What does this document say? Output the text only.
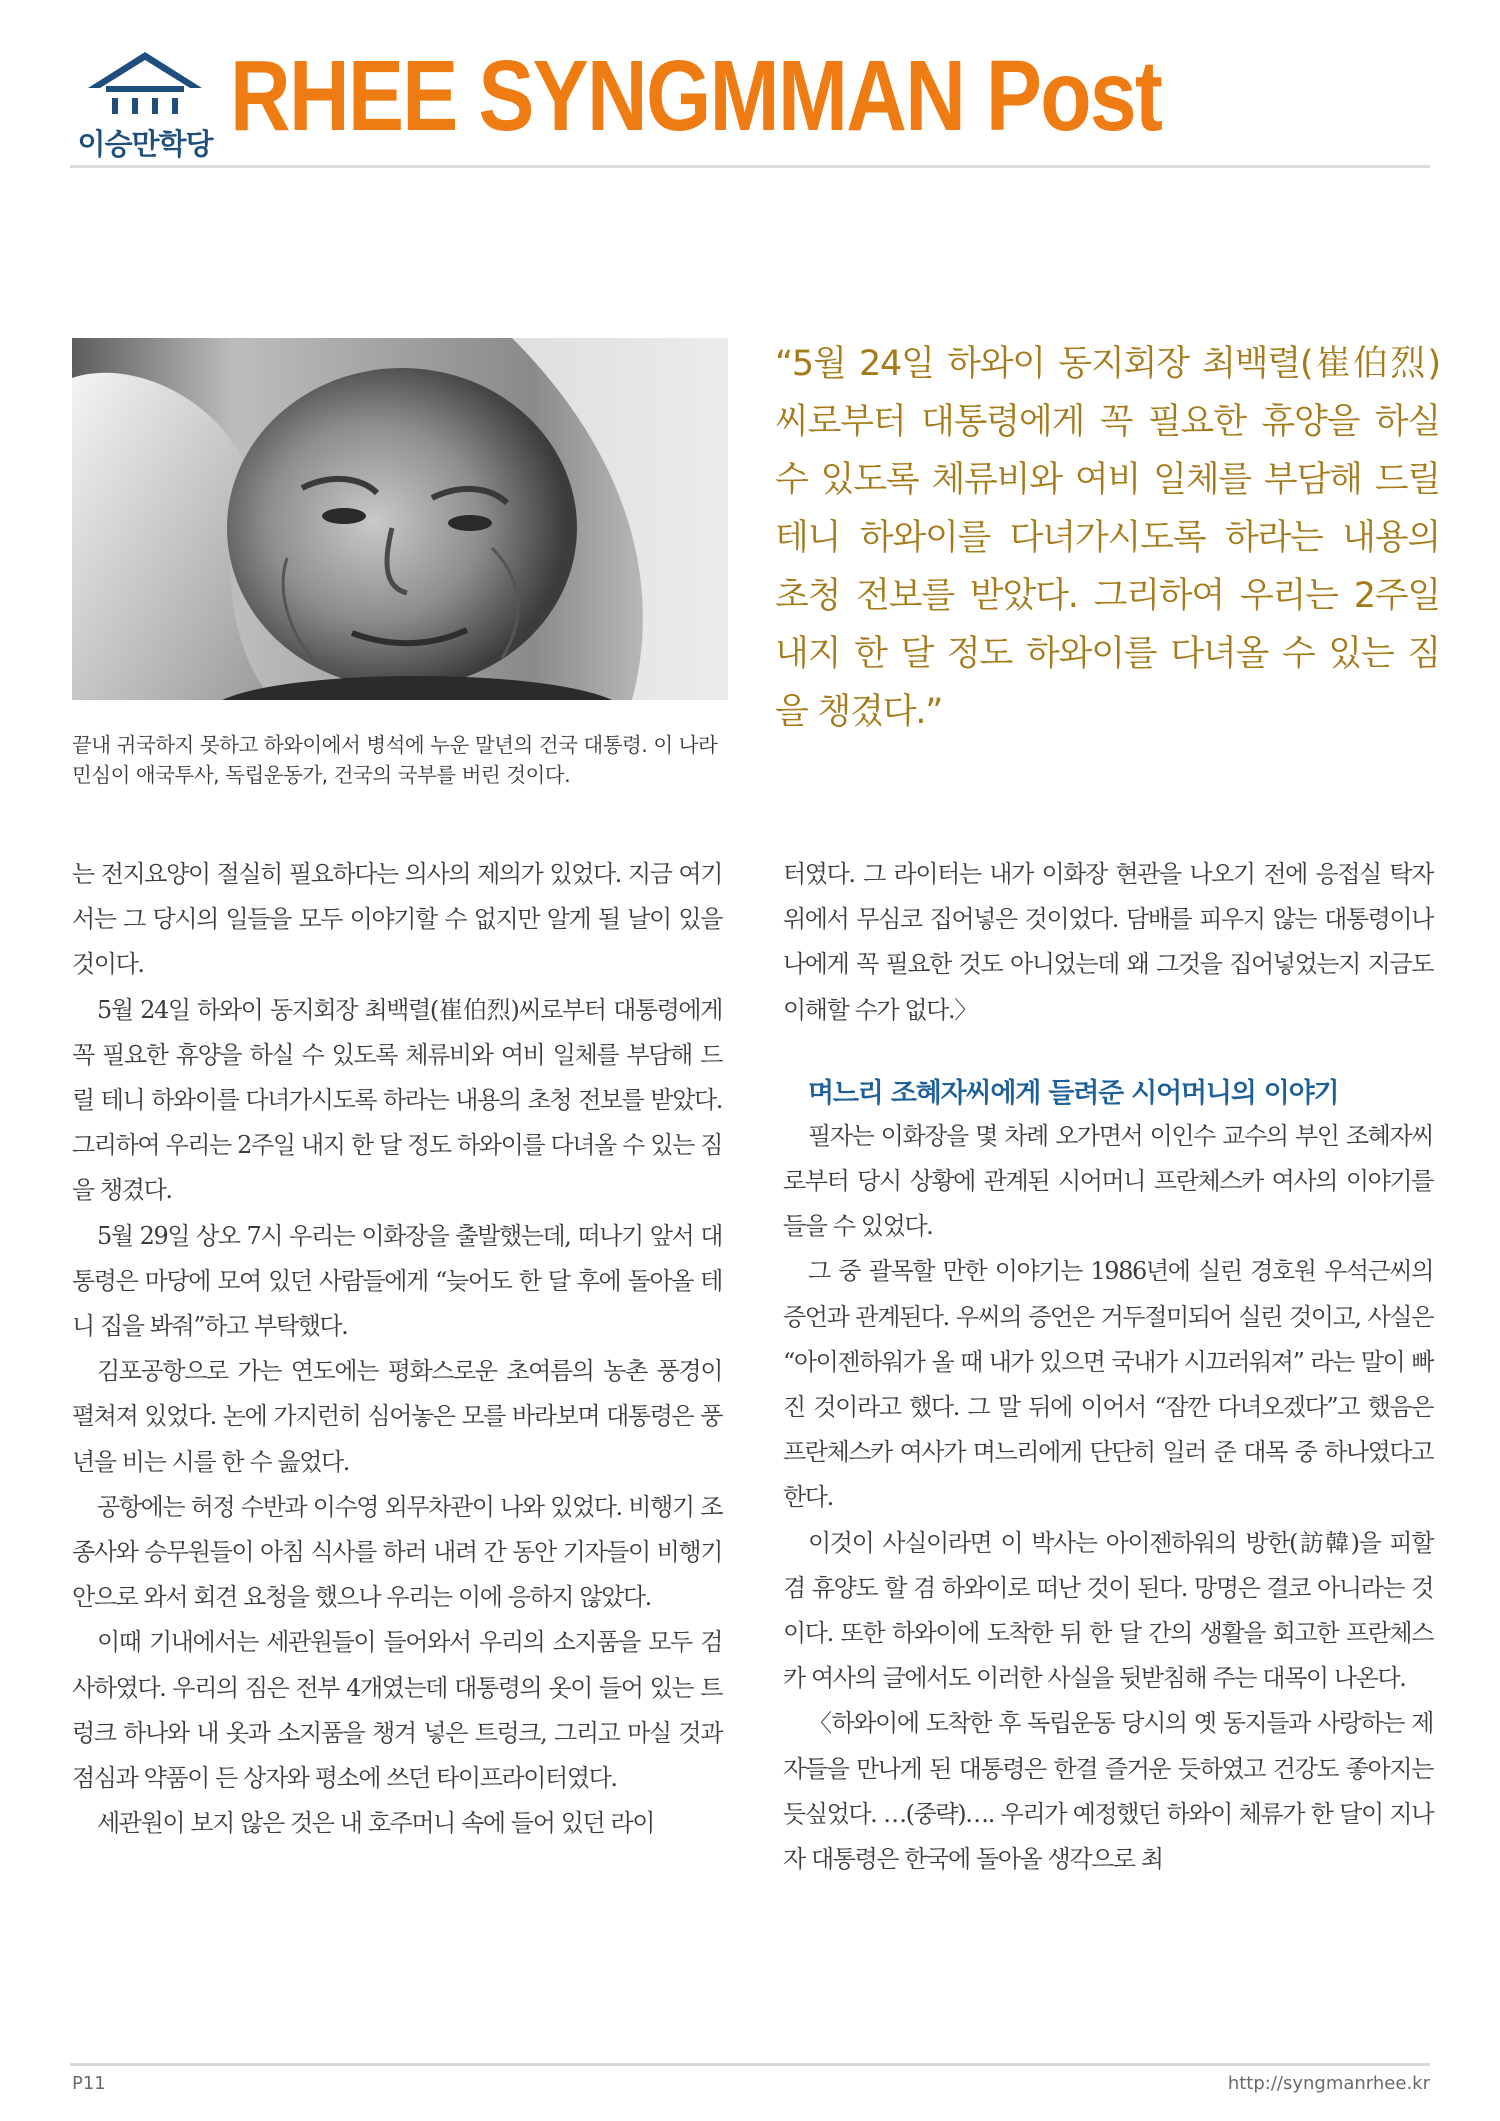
이승만학당 RHEE SYNGMMAN Post
끝내 귀국하지 못하고 하와이에서 병석에 누운 말년의 건국 대통령. 이 나라 민심이 애국투사, 독립운동가, 건국의 국부를 버린 것이다.
“5월 24일 하와이 동지회장 최백렬(崔伯烈)씨로부터 대통령에게 꼭 필요한 휴양을 하실 수 있도록 체류비와 여비 일체를 부담해 드릴 테니 하와이를 다녀가시도록 하라는 내용의 초청 전보를 받았다. 그리하여 우리는 2주일 내지 한 달 정도 하와이를 다녀올 수 있는 짐을 챙겼다.”

는 전지요양이 절실히 필요하다는 의사의 제의가 있었다. 지금 여기서는 그 당시의 일들을 모두 이야기할 수 없지만 알게 될 날이 있을 것이다.

5월 24일 하와이 동지회장 최백렬(崔伯烈)씨로부터 대통령에게 꼭 필요한 휴양을 하실 수 있도록 체류비와 여비 일체를 부담해 드릴 테니 하와이를 다녀가시도록 하라는 내용의 초청 전보를 받았다. 그리하여 우리는 2주일 내지 한 달 정도 하와이를 다녀올 수 있는 짐을 챙겼다.

5월 29일 상오 7시 우리는 이화장을 출발했는데, 떠나기 앞서 대통령은 마당에 모여 있던 사람들에게 “늦어도 한 달 후에 돌아올 테니 집을 봐줘”하고 부탁했다.

김포공항으로 가는 연도에는 평화스로운 초여름의 농촌 풍경이 펼쳐져 있었다. 논에 가지런히 심어놓은 모를 바라보며 대통령은 풍년을 비는 시를 한 수 읊었다.

공항에는 허정 수반과 이수영 외무차관이 나와 있었다. 비행기 조종사와 승무원들이 아침 식사를 하러 내려 간 동안 기자들이 비행기 안으로 와서 회견 요청을 했으나 우리는 이에 응하지 않았다.

이때 기내에서는 세관원들이 들어와서 우리의 소지품을 모두 검사하였다. 우리의 짐은 전부 4개였는데 대통령의 옷이 들어 있는 트렁크 하나와 내 옷과 소지품을 챙겨 넣은 트렁크, 그리고 마실 것과 점심과 약품이 든 상자와 평소에 쓰던 타이프라이터였다.

세관원이 보지 않은 것은 내 호주머니 속에 들어 있던 라이

터였다. 그 라이터는 내가 이화장 현관을 나오기 전에 응접실 탁자 위에서 무심코 집어넣은 것이었다. 담배를 피우지 않는 대통령이나 나에게 꼭 필요한 것도 아니었는데 왜 그것을 집어넣었는지 지금도 이해할 수가 없다.〉

며느리 조혜자씨에게 들려준 시어머니의 이야기

필자는 이화장을 몇 차례 오가면서 이인수 교수의 부인 조혜자씨로부터 당시 상황에 관계된 시어머니 프란체스카 여사의 이야기를 들을 수 있었다.

그 중 괄목할 만한 이야기는 1986년에 실린 경호원 우석근씨의 증언과 관계된다. 우씨의 증언은 거두절미되어 실린 것이고, 사실은 “아이젠하워가 올 때 내가 있으면 국내가 시끄러워져” 라는 말이 빠진 것이라고 했다. 그 말 뒤에 이어서 “잠깐 다녀오겠다”고 했음은 프란체스카 여사가 며느리에게 단단히 일러 준 대목 중 하나였다고 한다.

이것이 사실이라면 이 박사는 아이젠하워의 방한(訪韓)을 피할 겸 휴양도 할 겸 하와이로 떠난 것이 된다. 망명은 결코 아니라는 것이다. 또한 하와이에 도착한 뒤 한 달 간의 생활을 회고한 프란체스카 여사의 글에서도 이러한 사실을 뒷받침해 주는 대목이 나온다.

〈하와이에 도착한 후 독립운동 당시의 옛 동지들과 사랑하는 제자들을 만나게 된 대통령은 한결 즐거운 듯하였고 건강도 좋아지는 듯싶었다. …(중략)…. 우리가 예정했던 하와이 체류가 한 달이 지나자 대통령은 한국에 돌아올 생각으로 최

P11	http://syngmanrhee.kr
